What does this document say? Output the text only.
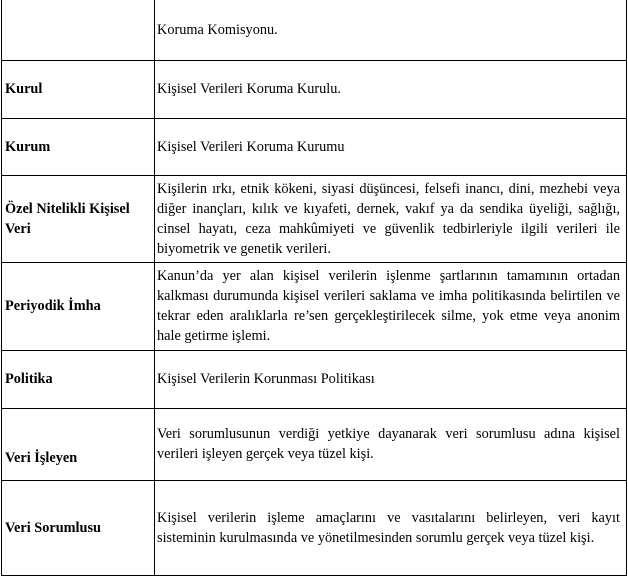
	Koruma Komisyonu.
Kurul	Kişisel Verileri Koruma Kurulu.
Kurum	Kişisel Verileri Koruma Kurumu
Özel Nitelikli Kişisel Veri	Kişilerin ırkı, etnik kökeni, siyasi düşüncesi, felsefi inancı, dini, mezhebi veya diğer inançları, kılık ve kıyafeti, dernek, vakıf ya da sendika üyeliği, sağlığı, cinsel hayatı, ceza mahkûmiyeti ve güvenlik tedbirleriyle ilgili verileri ile biyometrik ve genetik verileri.
Periyodik İmha	Kanun’da yer alan kişisel verilerin işlenme şartlarının tamamının ortadan kalkması durumunda kişisel verileri saklama ve imha politikasında belirtilen ve tekrar eden aralıklarla re’sen gerçekleştirilecek silme, yok etme veya anonim hale getirme işlemi.
Politika	Kişisel Verilerin Korunması Politikası
Veri İşleyen	Veri sorumlusunun verdiği yetkiye dayanarak veri sorumlusu adına kişisel verileri işleyen gerçek veya tüzel kişi.
Veri Sorumlusu	Kişisel verilerin işleme amaçlarını ve vasıtalarını belirleyen, veri kayıt sisteminin kurulmasında ve yönetilmesinden sorumlu gerçek veya tüzel kişi.
